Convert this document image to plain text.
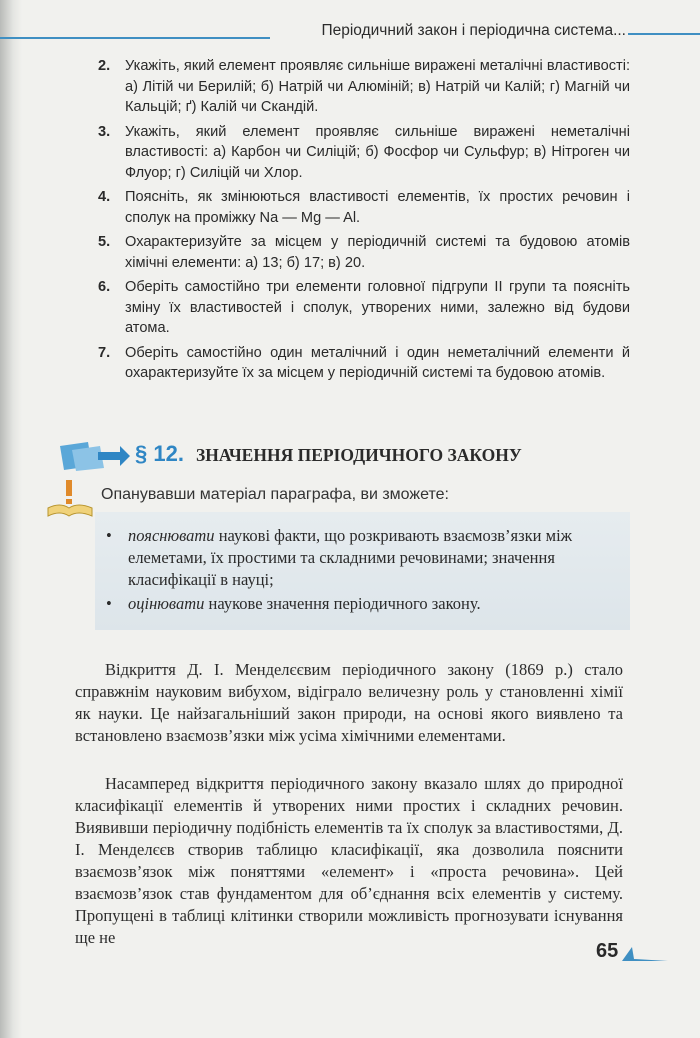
Періодичний закон і періодична система...
2. Укажіть, який елемент проявляє сильніше виражені металічні властивості: а) Літій чи Берилій; б) Натрій чи Алюміній; в) Натрій чи Калій; г) Магній чи Кальцій; ґ) Калій чи Скандій.
3. Укажіть, який елемент проявляє сильніше виражені неметалічні властивості: а) Карбон чи Силіцій; б) Фосфор чи Сульфур; в) Нітроген чи Флуор; г) Силіцій чи Хлор.
4. Поясніть, як змінюються властивості елементів, їх простих речовин і сполук на проміжку Na — Mg — Al.
5. Охарактеризуйте за місцем у періодичній системі та будовою атомів хімічні елементи: а) 13; б) 17; в) 20.
6. Оберіть самостійно три елементи головної підгрупи II групи та поясніть зміну їх властивостей і сполук, утворених ними, залежно від будови атома.
7. Оберіть самостійно один металічний і один неметалічний елементи й охарактеризуйте їх за місцем у періодичній системі та будовою атомів.
§ 12. ЗНАЧЕННЯ ПЕРІОДИЧНОГО ЗАКОНУ
Опанувавши матеріал параграфа, ви зможете:
• пояснювати наукові факти, що розкривають взаємозв’язки між елеметами, їх простими та складними речовинами; значення класифікації в науці;
• оцінювати наукове значення періодичного закону.

Відкриття Д. І. Менделєєвим періодичного закону (1869 р.) стало справжнім науковим вибухом, відіграло величезну роль у становленні хімії як науки. Це найзагальніший закон природи, на основі якого виявлено та встановлено взаємозв’язки між усіма хімічними елементами.

Насамперед відкриття періодичного закону вказало шлях до природної класифікації елементів й утворених ними простих і складних речовин. Виявивши періодичну подібність елементів та їх сполук за властивостями, Д. І. Менделєєв створив таблицю класифікації, яка дозволила пояснити взаємозв’язок між поняттями «елемент» і «проста речовина». Цей взаємозв’язок став фундаментом для об’єднання всіх елементів у систему. Пропущені в таблиці клітинки створили можливість прогнозувати існування ще не

65
